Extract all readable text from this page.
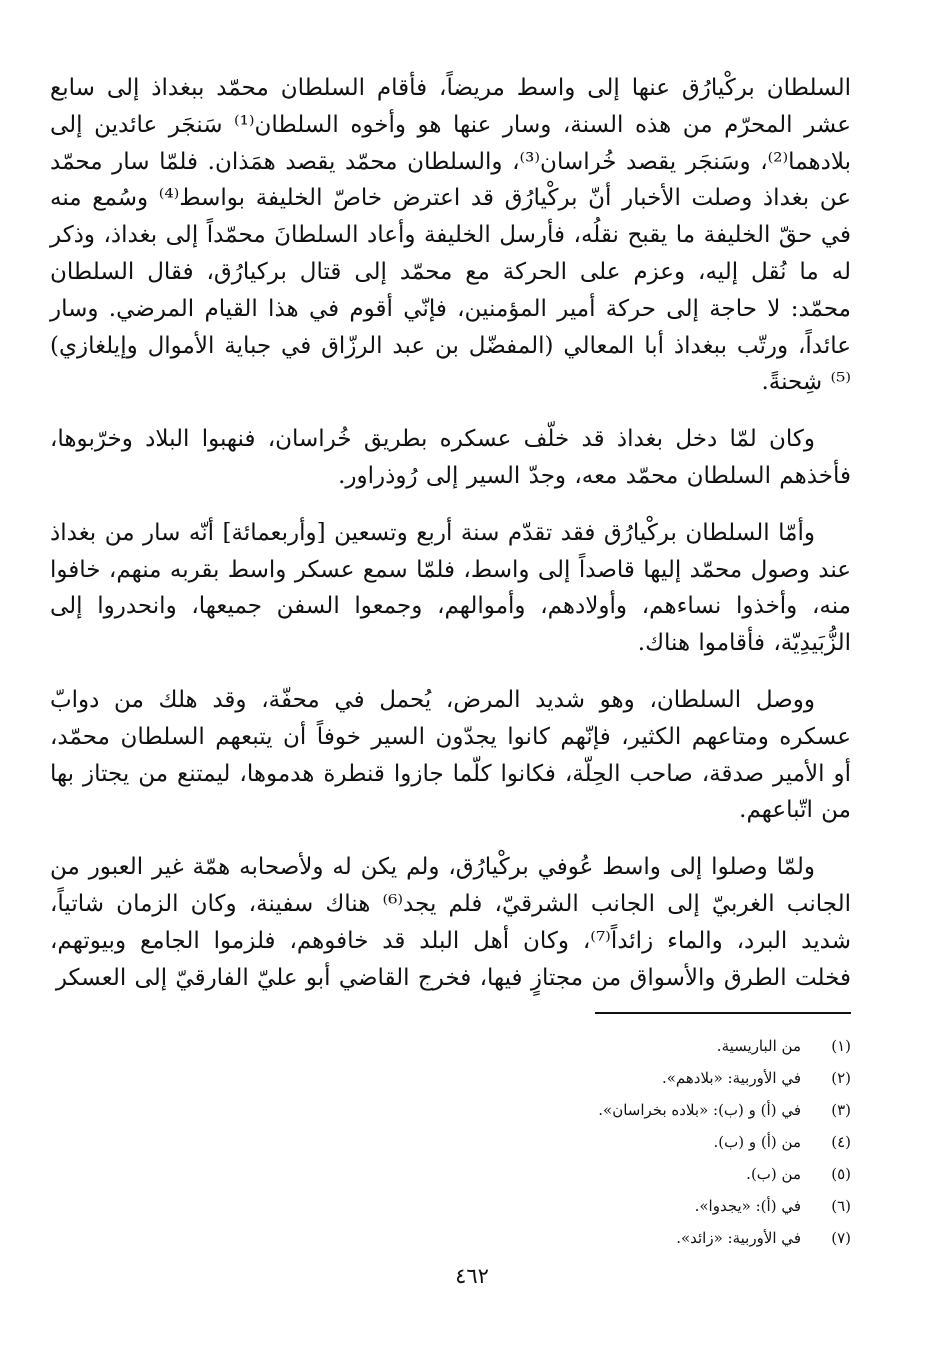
السلطان بركْيارُق عنها إلى واسط مريضاً، فأقام السلطان محمّد ببغداذ إلى سابع عشر المحرّم من هذه السنة، وسار عنها هو وأخوه السلطان⁽¹⁾ سَنجَر عائدين إلى بلادهما⁽²⁾، وسَنجَر يقصد خُراسان⁽³⁾، والسلطان محمّد يقصد همَذان. فلمّا سار محمّد عن بغداذ وصلت الأخبار أنّ بركْيارُق قد اعترض خاصّ الخليفة بواسط⁽⁴⁾ وسُمع منه في حقّ الخليفة ما يقبح نقلُه، فأرسل الخليفة وأعاد السلطانَ محمّداً إلى بغداذ، وذكر له ما نُقل إليه، وعزم على الحركة مع محمّد إلى قتال بركيارُق، فقال السلطان محمّد: لا حاجة إلى حركة أمير المؤمنين، فإنّي أقوم في هذا القيام المرضي. وسار عائداً، ورتّب ببغداذ أبا المعالي (المفضّل بن عبد الرزّاق في جباية الأموال وإيلغازي)⁽⁵⁾ شِحنةً.

وكان لمّا دخل بغداذ قد خلّف عسكره بطريق خُراسان، فنهبوا البلاد وخرّبوها، فأخذهم السلطان محمّد معه، وجدّ السير إلى رُوذراور.

وأمّا السلطان بركْيارُق فقد تقدّم سنة أربع وتسعين [وأربعمائة] أنّه سار من بغداذ عند وصول محمّد إليها قاصداً إلى واسط، فلمّا سمع عسكر واسط بقربه منهم، خافوا منه، وأخذوا نساءهم، وأولادهم، وأموالهم، وجمعوا السفن جميعها، وانحدروا إلى الزُّبَيدِيّة، فأقاموا هناك.

ووصل السلطان، وهو شديد المرض، يُحمل في محفّة، وقد هلك من دوابّ عسكره ومتاعهم الكثير، فإنّهم كانوا يجدّون السير خوفاً أن يتبعهم السلطان محمّد، أو الأمير صدقة، صاحب الحِلّة، فكانوا كلّما جازوا قنطرة هدموها، ليمتنع من يجتاز بها من اتّباعهم.

ولمّا وصلوا إلى واسط عُوفي بركْيارُق، ولم يكن له ولأصحابه همّة غير العبور من الجانب الغربيّ إلى الجانب الشرقيّ، فلم يجد⁽⁶⁾ هناك سفينة، وكان الزمان شاتياً، شديد البرد، والماء زائداً⁽⁷⁾، وكان أهل البلد قد خافوهم، فلزموا الجامع وبيوتهم، فخلت الطرق والأسواق من مجتازٍ فيها، فخرج القاضي أبو عليّ الفارقيّ إلى العسكر

(١)من الباريسية.
(٢)في الأوربية: «بلادهم».
(٣)في (أ) و (ب): «بلاده بخراسان».
(٤)من (أ) و (ب).
(٥)من (ب).
(٦)في (أ): «يجدوا».
(٧)في الأوربية: «زائد».
٤٦٢
